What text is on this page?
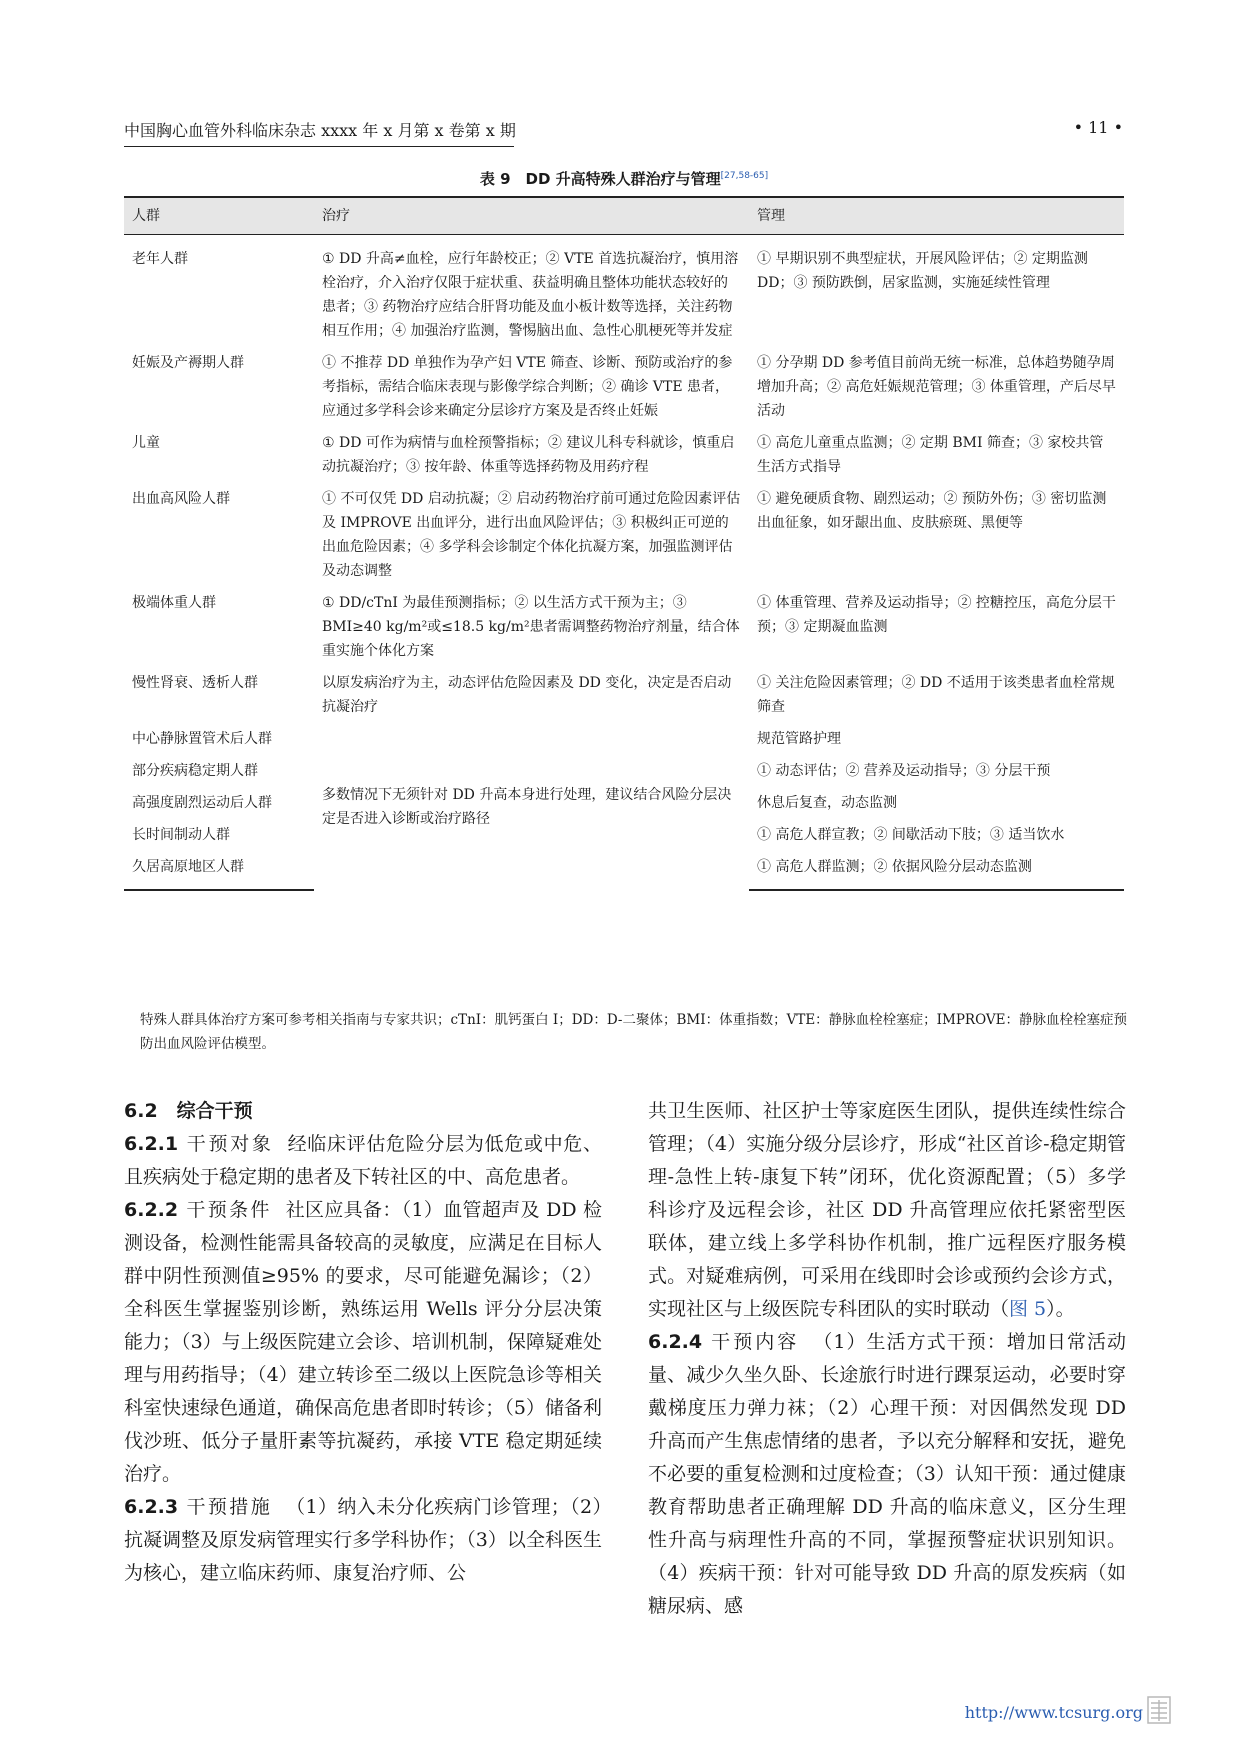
中国胸心血管外科临床杂志 xxxx 年 x 月第 x 卷第 x 期	• 11 •
表 9　DD 升高特殊人群治疗与管理[27,58-65]
人群	治疗	管理
老年人群	① DD 升高≠血栓，应行年龄校正；② VTE 首选抗凝治疗，慎用溶栓治疗，介入治疗仅限于症状重、获益明确且整体功能状态较好的患者；③ 药物治疗应结合肝肾功能及血小板计数等选择，关注药物相互作用；④ 加强治疗监测，警惕脑出血、急性心肌梗死等并发症	① 早期识别不典型症状，开展风险评估；② 定期监测 DD；③ 预防跌倒，居家监测，实施延续性管理
妊娠及产褥期人群	① 不推荐 DD 单独作为孕产妇 VTE 筛查、诊断、预防或治疗的参考指标，需结合临床表现与影像学综合判断；② 确诊 VTE 患者，应通过多学科会诊来确定分层诊疗方案及是否终止妊娠	① 分孕期 DD 参考值目前尚无统一标准，总体趋势随孕周增加升高；② 高危妊娠规范管理；③ 体重管理，产后尽早活动
儿童	① DD 可作为病情与血栓预警指标；② 建议儿科专科就诊，慎重启动抗凝治疗；③ 按年龄、体重等选择药物及用药疗程	① 高危儿童重点监测；② 定期 BMI 筛查；③ 家校共管生活方式指导
出血高风险人群	① 不可仅凭 DD 启动抗凝；② 启动药物治疗前可通过危险因素评估及 IMPROVE 出血评分，进行出血风险评估；③ 积极纠正可逆的出血危险因素；④ 多学科会诊制定个体化抗凝方案，加强监测评估及动态调整	① 避免硬质食物、剧烈运动；② 预防外伤；③ 密切监测出血征象，如牙龈出血、皮肤瘀斑、黑便等
极端体重人群	① DD/cTnI 为最佳预测指标；② 以生活方式干预为主；③ BMI≥40 kg/m²或≤18.5 kg/m²患者需调整药物治疗剂量，结合体重实施个体化方案	① 体重管理、营养及运动指导；② 控糖控压，高危分层干预；③ 定期凝血监测
慢性肾衰、透析人群	以原发病治疗为主，动态评估危险因素及 DD 变化，决定是否启动抗凝治疗	① 关注危险因素管理；② DD 不适用于该类患者血栓常规筛查
中心静脉置管术后人群	多数情况下无须针对 DD 升高本身进行处理，建议结合风险分层决定是否进入诊断或治疗路径	规范管路护理
部分疾病稳定期人群		① 动态评估；② 营养及运动指导；③ 分层干预
高强度剧烈运动后人群		休息后复查，动态监测
长时间制动人群		① 高危人群宣教；② 间歇活动下肢；③ 适当饮水
久居高原地区人群		① 高危人群监测；② 依据风险分层动态监测
特殊人群具体治疗方案可参考相关指南与专家共识；cTnI：肌钙蛋白 I；DD：D-二聚体；BMI：体重指数；VTE：静脉血栓栓塞症；IMPROVE：静脉血栓栓塞症预防出血风险评估模型。

6.2　综合干预

6.2.1 干预对象 经临床评估危险分层为低危或中危、且疾病处于稳定期的患者及下转社区的中、高危患者。

6.2.2 干预条件 社区应具备：（1）血管超声及 DD 检测设备，检测性能需具备较高的灵敏度，应满足在目标人群中阴性预测值≥95% 的要求，尽可能避免漏诊；（2）全科医生掌握鉴别诊断，熟练运用 Wells 评分分层决策能力；（3）与上级医院建立会诊、培训机制，保障疑难处理与用药指导；（4）建立转诊至二级以上医院急诊等相关科室快速绿色通道，确保高危患者即时转诊；（5）储备利伐沙班、低分子量肝素等抗凝药，承接 VTE 稳定期延续治疗。

6.2.3 干预措施 （1）纳入未分化疾病门诊管理；（2）抗凝调整及原发病管理实行多学科协作；（3）以全科医生为核心，建立临床药师、康复治疗师、公

共卫生医师、社区护士等家庭医生团队，提供连续性综合管理；（4）实施分级分层诊疗，形成“社区首诊-稳定期管理-急性上转-康复下转”闭环，优化资源配置；（5）多学科诊疗及远程会诊，社区 DD 升高管理应依托紧密型医联体，建立线上多学科协作机制，推广远程医疗服务模式。对疑难病例，可采用在线即时会诊或预约会诊方式，实现社区与上级医院专科团队的实时联动（图 5）。

6.2.4 干预内容 （1）生活方式干预：增加日常活动量、减少久坐久卧、长途旅行时进行踝泵运动，必要时穿戴梯度压力弹力袜；（2）心理干预：对因偶然发现 DD 升高而产生焦虑情绪的患者，予以充分解释和安抚，避免不必要的重复检测和过度检查；（3）认知干预：通过健康教育帮助患者正确理解 DD 升高的临床意义，区分生理性升高与病理性升高的不同，掌握预警症状识别知识。（4）疾病干预：针对可能导致 DD 升高的原发疾病（如糖尿病、感

http://www.tcsurg.org
